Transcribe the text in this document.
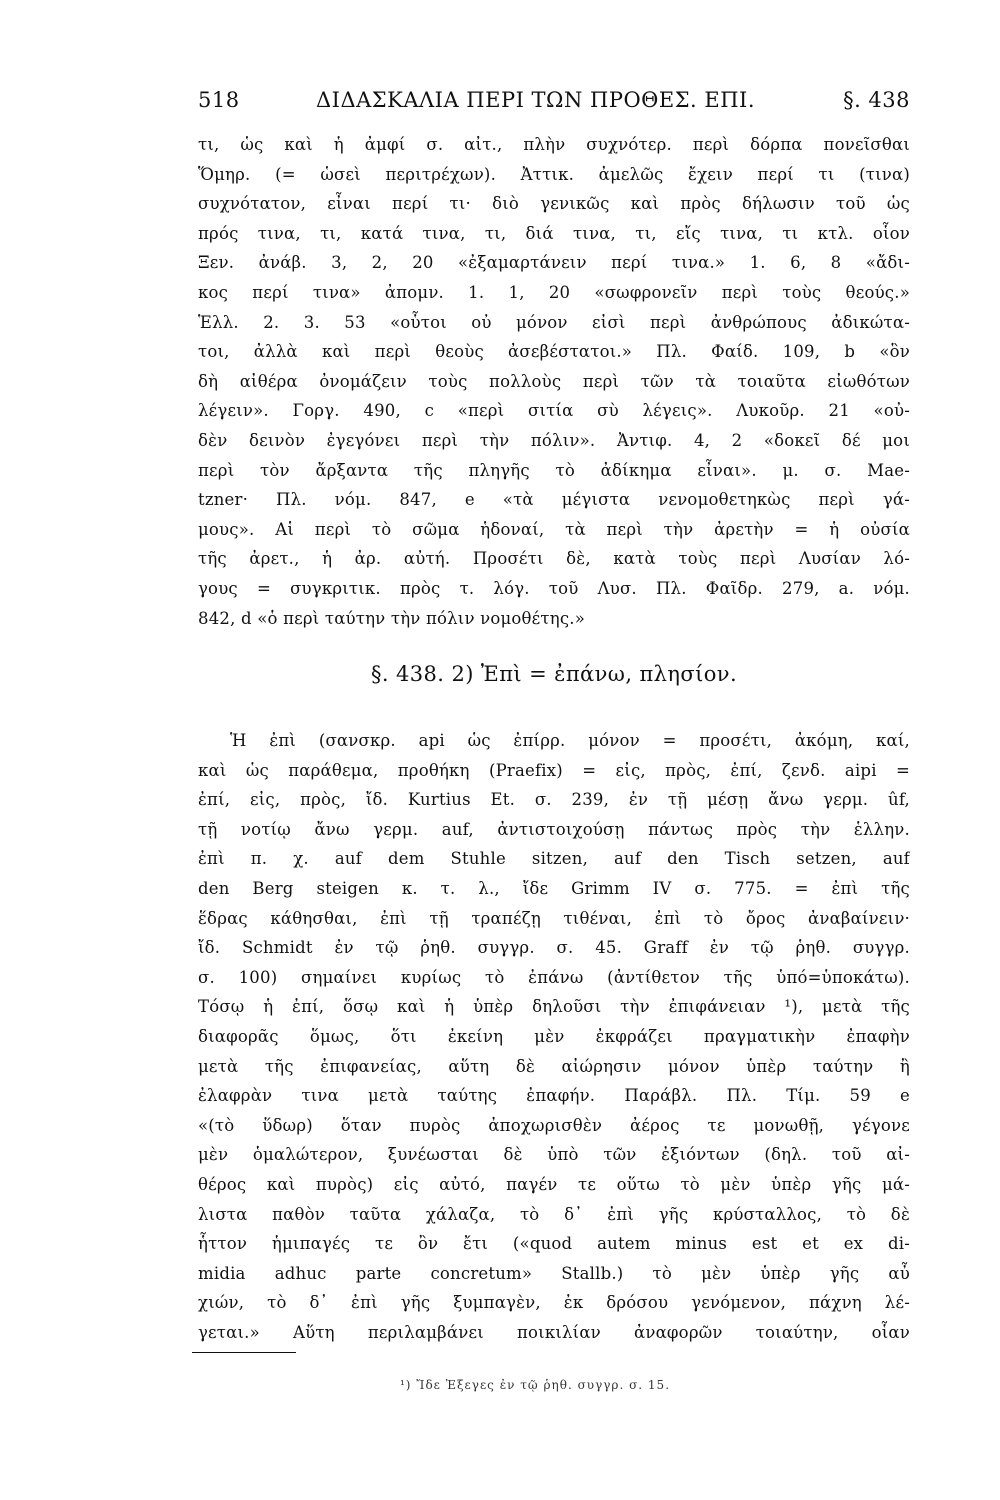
518	ΔΙΔΑΣΚΑΛΙΑ ΠΕΡΙ ΤΩΝ ΠΡΟΘΕΣ. ΕΠΙ.	§. 438
τι, ὡς καὶ ἡ ἀμφί σ. αἰτ., πλὴν συχνότερ. περὶ δόρπα πονεῖσθαι
Ὅμηρ. (= ὡσεὶ περιτρέχων). Ἀττικ. ἀμελῶς ἔχειν περί τι (τινα)
συχνότατον, εἶναι περί τι· διὸ γενικῶς καὶ πρὸς δήλωσιν τοῦ ὡς
πρός τινα, τι, κατά τινα, τι, διά τινα, τι, εἴς τινα, τι κτλ. οἷον
Ξεν. ἀνάβ. 3, 2, 20 «ἐξαμαρτάνειν περί τινα.» 1. 6, 8 «ἄδι-
κος περί τινα» ἀπομν. 1. 1, 20 «σωφρονεῖν περὶ τοὺς θεούς.»
Ἑλλ. 2. 3. 53 «οὗτοι οὐ μόνον εἰσὶ περὶ ἀνθρώπους ἀδικώτα-
τοι, ἀλλὰ καὶ περὶ θεοὺς ἀσεβέστατοι.» Πλ. Φαίδ. 109, b «ὃν
δὴ αἰθέρα ὀνομάζειν τοὺς πολλοὺς περὶ τῶν τὰ τοιαῦτα εἰωθότων
λέγειν». Γοργ. 490, c «περὶ σιτία σὺ λέγεις». Λυκοῦρ. 21 «οὐ-
δὲν δεινὸν ἐγεγόνει περὶ τὴν πόλιν». Ἀντιφ. 4, 2 «δοκεῖ δέ μοι
περὶ τὸν ἄρξαντα τῆς πληγῆς τὸ ἀδίκημα εἶναι». μ. σ. Mae-
tzner· Πλ. νόμ. 847, e «τὰ μέγιστα νενομοθετηκὼς περὶ γά-
μους». Αἱ περὶ τὸ σῶμα ἡδοναί, τὰ περὶ τὴν ἀρετὴν = ἡ οὐσία
τῆς ἀρετ., ἡ ἀρ. αὐτή. Προσέτι δὲ, κατὰ τοὺς περὶ Λυσίαν λό-
γους = συγκριτικ. πρὸς τ. λόγ. τοῦ Λυσ. Πλ. Φαῖδρ. 279, a. νόμ.
842, d «ὁ περὶ ταύτην τὴν πόλιν νομοθέτης.»
§. 438. 2) Ἐπὶ = ἐπάνω, πλησίον.
Ἡ ἐπὶ (σανσκρ. api ὡς ἐπίρρ. μόνον = προσέτι, ἀκόμη, καί,
καὶ ὡς παράθεμα, προθήκη (Praefix) = εἰς, πρὸς, ἐπί, ζενδ. aipi =
ἐπί, εἰς, πρὸς, ἴδ. Kurtius Et. σ. 239, ἐν τῇ μέσῃ ἄνω γερμ. ûf,
τῇ νοτίῳ ἄνω γερμ. auf, ἀντιστοιχούσῃ πάντως πρὸς τὴν ἑλλην.
ἐπὶ π. χ. auf dem Stuhle sitzen, auf den Tisch setzen, auf
den Berg steigen κ. τ. λ., ἴδε Grimm IV σ. 775. = ἐπὶ τῆς
ἕδρας κάθησθαι, ἐπὶ τῇ τραπέζῃ τιθέναι, ἐπὶ τὸ ὄρος ἀναβαίνειν·
ἴδ. Schmidt ἐν τῷ ῥηθ. συγγρ. σ. 45. Graff ἐν τῷ ῥηθ. συγγρ.
σ. 100) σημαίνει κυρίως τὸ ἐπάνω (ἀντίθετον τῆς ὑπό=ὑποκάτω).
Τόσῳ ἡ ἐπί, ὅσῳ καὶ ἡ ὑπὲρ δηλοῦσι τὴν ἐπιφάνειαν ¹), μετὰ τῆς
διαφορᾶς ὅμως, ὅτι ἐκείνη μὲν ἐκφράζει πραγματικὴν ἐπαφὴν
μετὰ τῆς ἐπιφανείας, αὕτη δὲ αἰώρησιν μόνον ὑπὲρ ταύτην ἢ
ἐλαφρὰν τινα μετὰ ταύτης ἐπαφήν. Παράβλ. Πλ. Τίμ. 59 e
«(τὸ ὕδωρ) ὅταν πυρὸς ἀποχωρισθὲν ἀέρος τε μονωθῇ, γέγονε
μὲν ὁμαλώτερον, ξυνέωσται δὲ ὑπὸ τῶν ἐξιόντων (δηλ. τοῦ αἰ-
θέρος καὶ πυρὸς) εἰς αὐτό, παγέν τε οὕτω τὸ μὲν ὑπὲρ γῆς μά-
λιστα παθὸν ταῦτα χάλαζα, τὸ δ᾽ ἐπὶ γῆς κρύσταλλος, τὸ δὲ
ἧττον ἡμιπαγές τε ὂν ἔτι («quod autem minus est et ex di-
midia adhuc parte concretum» Stallb.) τὸ μὲν ὑπὲρ γῆς αὖ
χιών, τὸ δ᾽ ἐπὶ γῆς ξυμπαγὲν, ἐκ δρόσου γενόμενον, πάχνη λέ-
γεται.» Αὕτη περιλαμβάνει ποικιλίαν ἀναφορῶν τοιαύτην, οἷαν
¹) Ἴδε Ἐξεγες ἐν τῷ ῥηθ. συγγρ. σ. 15.
